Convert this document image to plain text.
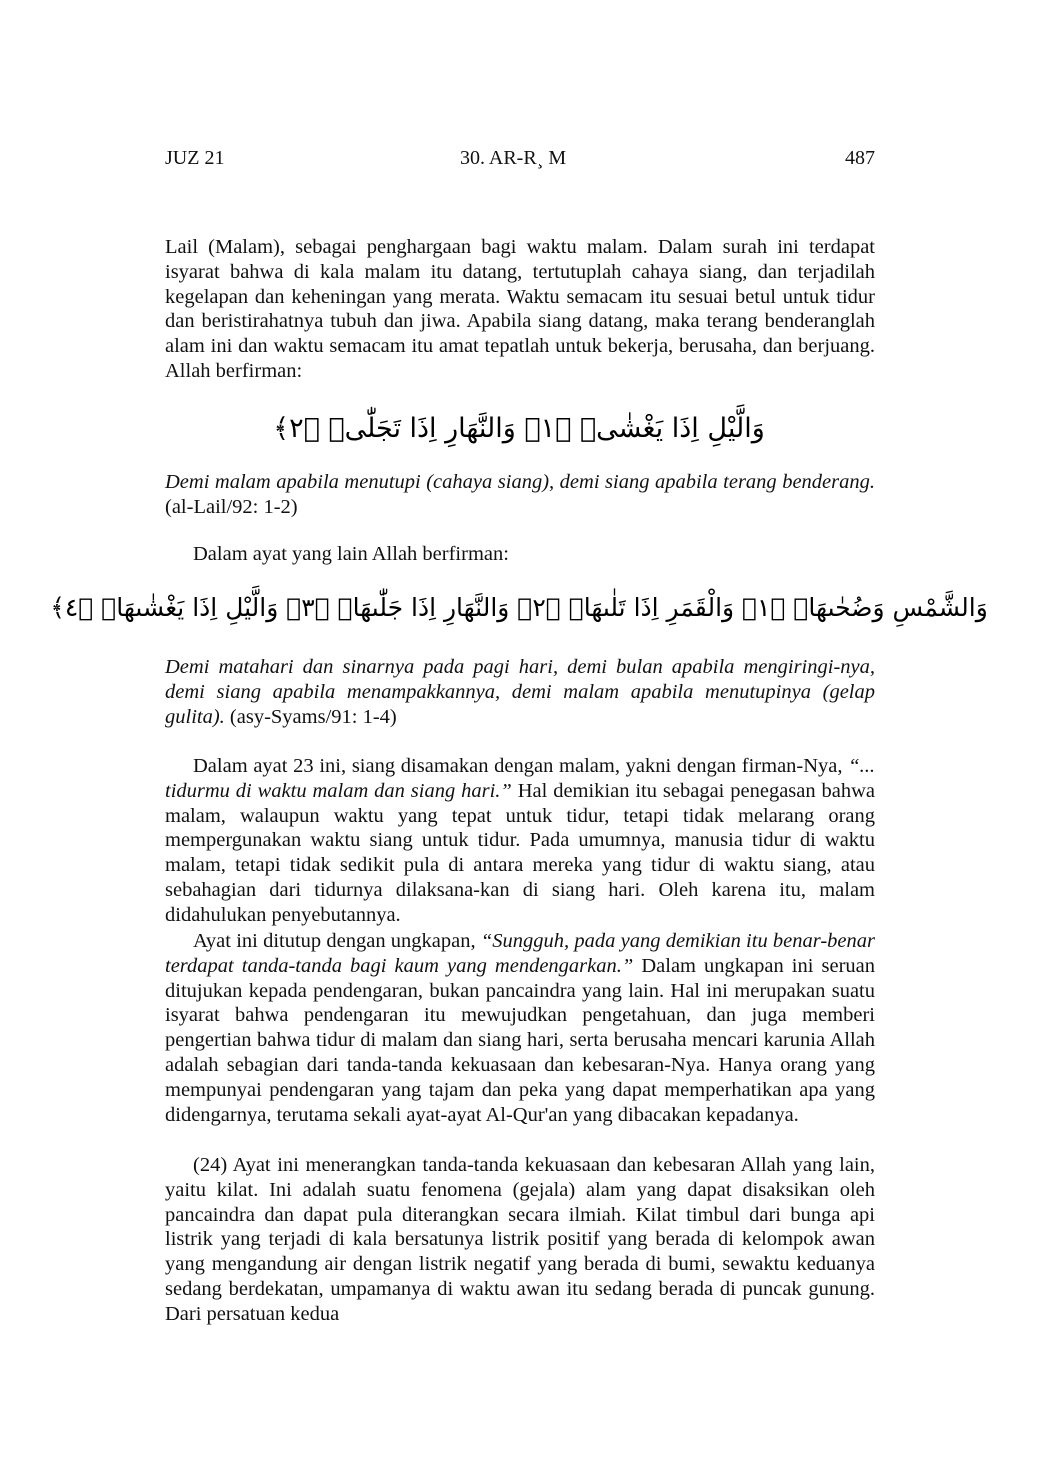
JUZ 21	30. AR-R¸ M	487

Lail (Malam), sebagai penghargaan bagi waktu malam. Dalam surah ini terdapat isyarat bahwa di kala malam itu datang, tertutuplah cahaya siang, dan terjadilah kegelapan dan keheningan yang merata. Waktu semacam itu sesuai betul untuk tidur dan beristirahatnya tubuh dan jiwa. Apabila siang datang, maka terang benderanglah alam ini dan waktu semacam itu amat tepatlah untuk bekerja, berusaha, dan berjuang. Allah berfirman:

وَالَّيْلِ اِذَا يَغْشٰىۙ ﴿١﴾ وَالنَّهَارِ اِذَا تَجَلّٰىۙ ﴿٢﴾

Demi malam apabila menutupi (cahaya siang), demi siang apabila terang benderang. (al-Lail/92: 1-2)

Dalam ayat yang lain Allah berfirman:

وَالشَّمْسِ وَضُحٰىهَاۖ ﴿١﴾ وَالْقَمَرِ اِذَا تَلٰىهَاۖ ﴿٢﴾ وَالنَّهَارِ اِذَا جَلّٰىهَاۖ ﴿٣﴾ وَالَّيْلِ اِذَا يَغْشٰىهَاۖ ﴿٤﴾

Demi matahari dan sinarnya pada pagi hari, demi bulan apabila mengiringi-nya, demi siang apabila menampakkannya, demi malam apabila menutupinya (gelap gulita). (asy-Syams/91: 1-4)

Dalam ayat 23 ini, siang disamakan dengan malam, yakni dengan firman-Nya, “... tidurmu di waktu malam dan siang hari.” Hal demikian itu sebagai penegasan bahwa malam, walaupun waktu yang tepat untuk tidur, tetapi tidak melarang orang mempergunakan waktu siang untuk tidur. Pada umumnya, manusia tidur di waktu malam, tetapi tidak sedikit pula di antara mereka yang tidur di waktu siang, atau sebahagian dari tidurnya dilaksana-kan di siang hari. Oleh karena itu, malam didahulukan penyebutannya.

Ayat ini ditutup dengan ungkapan, “Sungguh, pada yang demikian itu benar-benar terdapat tanda-tanda bagi kaum yang mendengarkan.” Dalam ungkapan ini seruan ditujukan kepada pendengaran, bukan pancaindra yang lain. Hal ini merupakan suatu isyarat bahwa pendengaran itu mewujudkan pengetahuan, dan juga memberi pengertian bahwa tidur di malam dan siang hari, serta berusaha mencari karunia Allah adalah sebagian dari tanda-tanda kekuasaan dan kebesaran-Nya. Hanya orang yang mempunyai pendengaran yang tajam dan peka yang dapat memperhatikan apa yang didengarnya, terutama sekali ayat-ayat Al-Qur'an yang dibacakan kepadanya.

(24) Ayat ini menerangkan tanda-tanda kekuasaan dan kebesaran Allah yang lain, yaitu kilat. Ini adalah suatu fenomena (gejala) alam yang dapat disaksikan oleh pancaindra dan dapat pula diterangkan secara ilmiah. Kilat timbul dari bunga api listrik yang terjadi di kala bersatunya listrik positif yang berada di kelompok awan yang mengandung air dengan listrik negatif yang berada di bumi, sewaktu keduanya sedang berdekatan, umpamanya di waktu awan itu sedang berada di puncak gunung. Dari persatuan kedua
